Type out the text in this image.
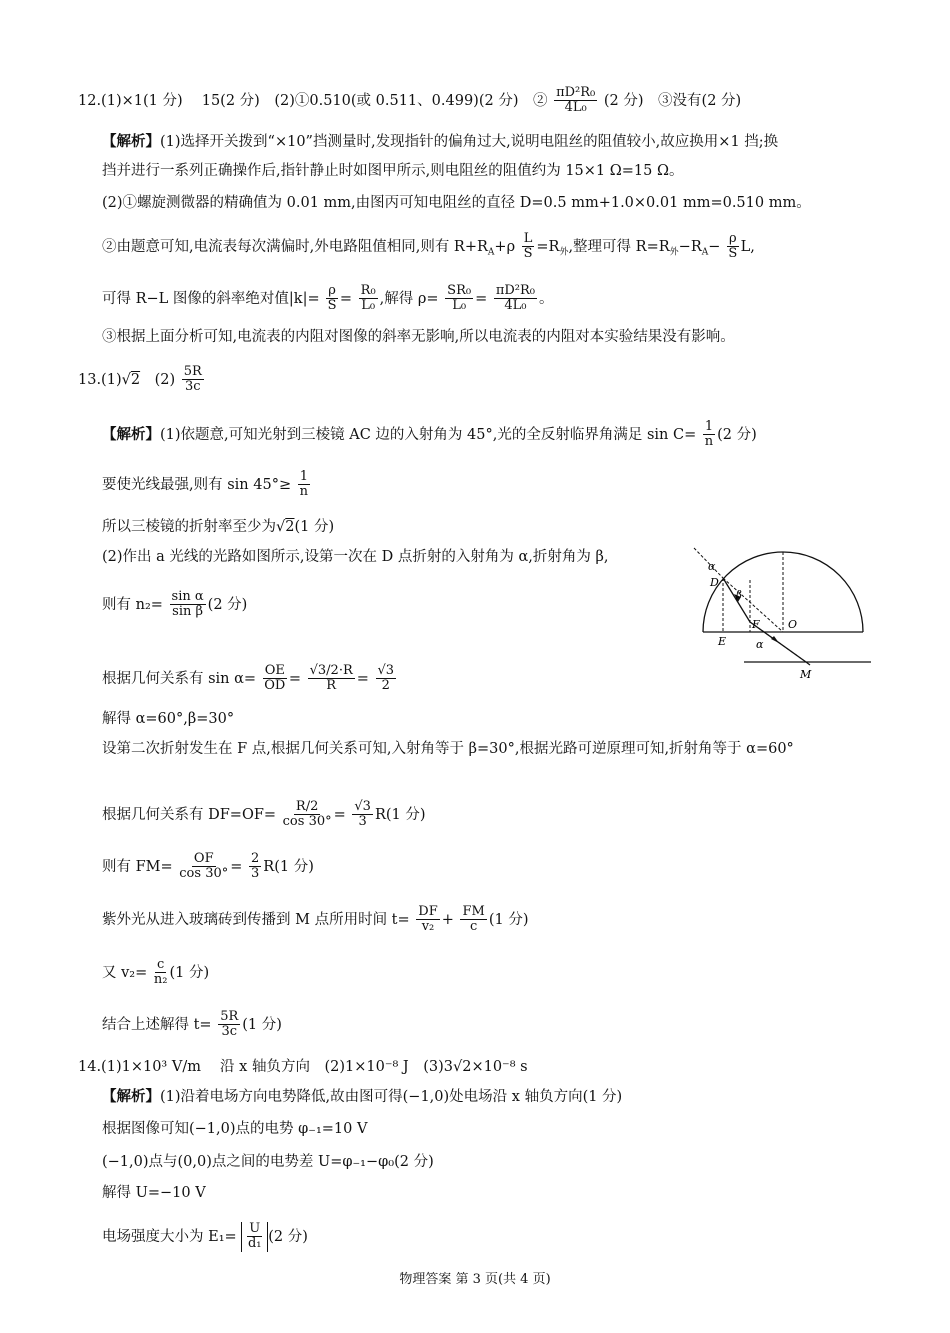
12.(1)×1(1 分)　 15(2 分)　(2)①0.510(或 0.511、0.499)(2 分)　② $\frac{\text{πD²R₀}}{\text{4L₀}} (2$ 分)　③没有(2 分)
【解析】(1)选择开关拨到“×10”挡测量时,发现指针的偏角过大,说明电阻丝的阻值较小,故应换用×1 挡;换
挡并进行一系列正确操作后,指针静止时如图甲所示,则电阻丝的阻值约为 15×1 Ω=15 Ω。
(2)①螺旋测微器的精确值为 0.01 mm,由图丙可知电阻丝的直径 D=0.5 mm+1.0×0.01 mm=0.510 mm。
②由题意可知,电流表每次满偏时,外电路阻值相同,则有 $R+R_A+\rho \frac{L}{S} =R_外$,整理可得 $R=R_外-R_A- \frac{\rho}{S} L$,
可得 R−L 图像的斜率绝对值$|k|= \frac{\rho}{S} = \frac{\text{R₀}}{\text{L₀}}$ ,解得 $\rho= \frac{\text{SR₀}}{\text{L₀}} = \frac{\text{πD²R₀}}{\text{4L₀}}$ 。
③根据上面分析可知,电流表的内阻对图像的斜率无影响,所以电流表的内阻对本实验结果没有影响。
13.(1)√2　$(2) \frac{5R}{3c}$
【解析】(1)依题意,可知光射到三棱镜 AC 边的入射角为 45°,光的全反射临界角满足 $\sin C= \frac{1}{n} (2$ 分)
要使光线最强,则有 $\sin 45^\circ\ge \frac{1}{n}$
所以三棱镜的折射率至少为√2(1 分)
(2)作出 a 光线的光路如图所示,设第一次在 D 点折射的入射角为 α,折射角为 β,
则有 $n_2= \frac{\text{sin α}}{\text{sin β}} (2$ 分)
根据几何关系有 $\sin \alpha= \frac{OE}{OD} = \frac{√3/2\cdot R}{R} = \frac{√3}{2}$
解得 α=60°,β=30°
设第二次折射发生在 F 点,根据几何关系可知,入射角等于 β=30°,根据光路可逆原理可知,折射角等于 α=60°
根据几何关系有 $DF=OF= \frac{R/2}{\cos 30^\circ} = \frac{√3}{3} R(1$ 分)
则有 $FM= \frac{OF}{\cos 30^\circ} = \frac{2}{3} R(1$ 分)
紫外光从进入玻璃砖到传播到 M 点所用时间 $t= \frac{DF}{\text{v₂}} + \frac{FM}{c} (1$ 分)
又 $v_2= \frac{c}{\text{n₂}} (1$ 分)
结合上述解得 $t= \frac{5R}{3c} (1$ 分)
α
D
β
F	O
E	α
M
14.(1)1×10³ V/m　 沿 x 轴负方向　(2)1×10⁻⁸ J　(3)3√2×10⁻⁸ s
【解析】(1)沿着电场方向电势降低,故由图可得(−1,0)处电场沿 x 轴负方向(1 分)
根据图像可知(−1,0)点的电势 φ₋₁=10 V
(−1,0)点与(0,0)点之间的电势差 U=φ₋₁−φ₀(2 分)
解得 U=−10 V
电场强度大小为 $E_1= \frac{U}{\text{d₁}} (2$ 分)
物理答案 第 3 页(共 4 页)
